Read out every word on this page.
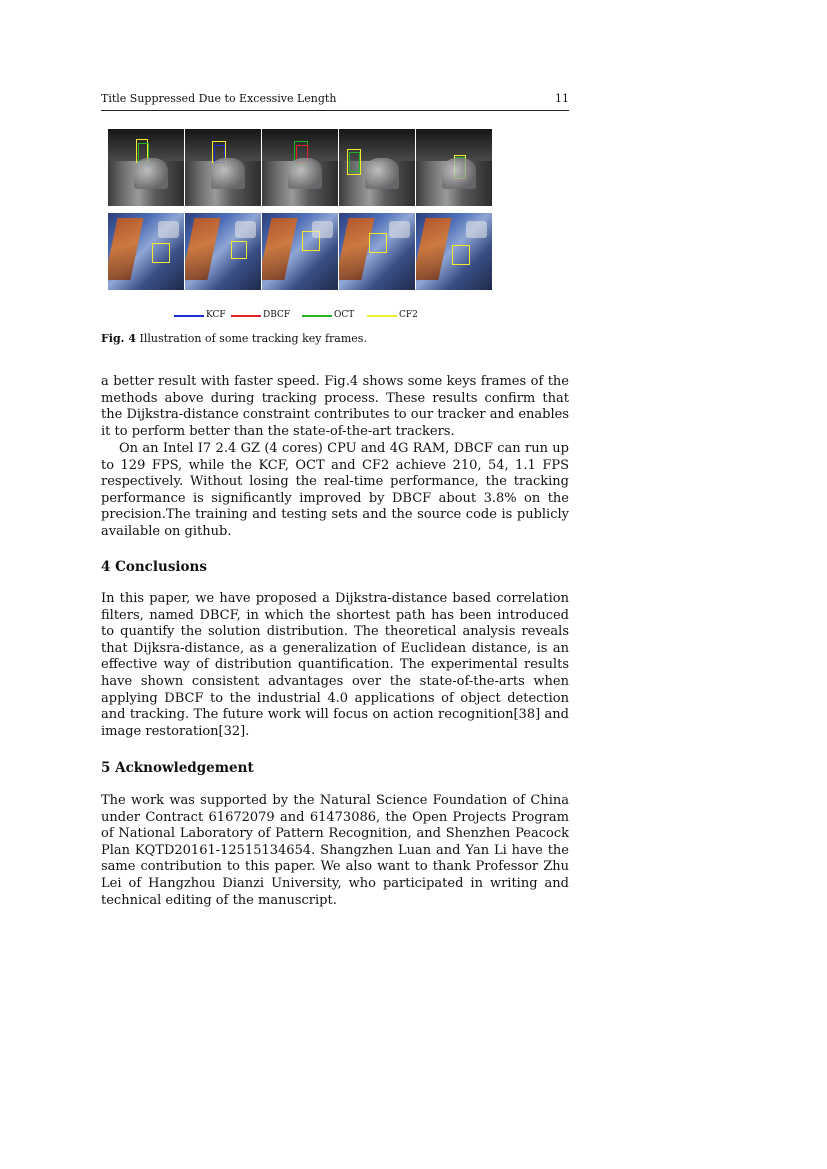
Title Suppressed Due to Excessive Length	11
KCF	DBCF	OCT	CF2
Fig. 4 Illustration of some tracking key frames.

a better result with faster speed. Fig.4 shows some keys frames of the methods above during tracking process. These results confirm that the Dijkstra-distance constraint contributes to our tracker and enables it to perform better than the state-of-the-art trackers.

On an Intel I7 2.4 GZ (4 cores) CPU and 4G RAM, DBCF can run up to 129 FPS, while the KCF, OCT and CF2 achieve 210, 54, 1.1 FPS respectively. Without losing the real-time performance, the tracking performance is significantly improved by DBCF about 3.8% on the precision.The training and testing sets and the source code is publicly available on github.

4 Conclusions

In this paper, we have proposed a Dijkstra-distance based correlation filters, named DBCF, in which the shortest path has been introduced to quantify the solution distribution. The theoretical analysis reveals that Dijksra-distance, as a generalization of Euclidean distance, is an effective way of distribution quantification. The experimental results have shown consistent advantages over the state-of-the-arts when applying DBCF to the industrial 4.0 applications of object detection and tracking. The future work will focus on action recognition[38] and image restoration[32].

5 Acknowledgement

The work was supported by the Natural Science Foundation of China under Contract 61672079 and 61473086, the Open Projects Program of National Laboratory of Pattern Recognition, and Shenzhen Peacock Plan KQTD20161-12515134654. Shangzhen Luan and Yan Li have the same contribution to this paper. We also want to thank Professor Zhu Lei of Hangzhou Dianzi University, who participated in writing and technical editing of the manuscript.
